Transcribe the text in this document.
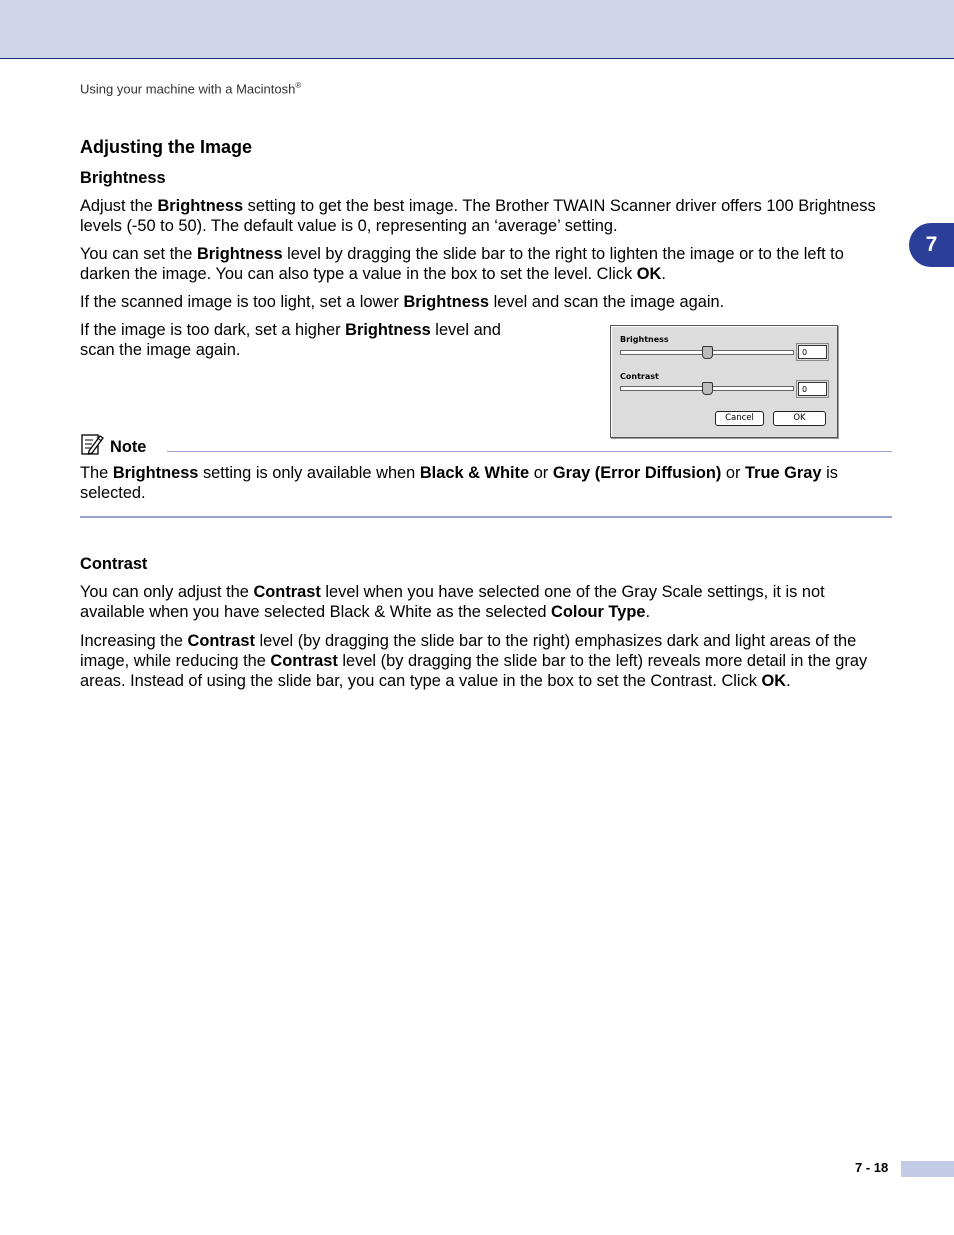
Using your machine with a Macintosh®
7
Adjusting the Image
Brightness

Adjust the Brightness setting to get the best image. The Brother TWAIN Scanner driver offers 100 Brightness levels (-50 to 50). The default value is 0, representing an ‘average’ setting.

You can set the Brightness level by dragging the slide bar to the right to lighten the image or to the left to darken the image. You can also type a value in the box to set the level. Click OK.

If the scanned image is too light, set a lower Brightness level and scan the image again.

If the image is too dark, set a higher Brightness level and scan the image again.

The Brightness setting is only available when Black & White or Gray (Error Diffusion) or True Gray is selected.

Contrast

You can only adjust the Contrast level when you have selected one of the Gray Scale settings, it is not available when you have selected Black & White as the selected Colour Type.

Increasing the Contrast level (by dragging the slide bar to the right) emphasizes dark and light areas of the image, while reducing the Contrast level (by dragging the slide bar to the left) reveals more detail in the gray areas. Instead of using the slide bar, you can type a value in the box to set the Contrast. Click OK.

Brightness
0
Contrast
0
Cancel	OK
Note
7 - 18
